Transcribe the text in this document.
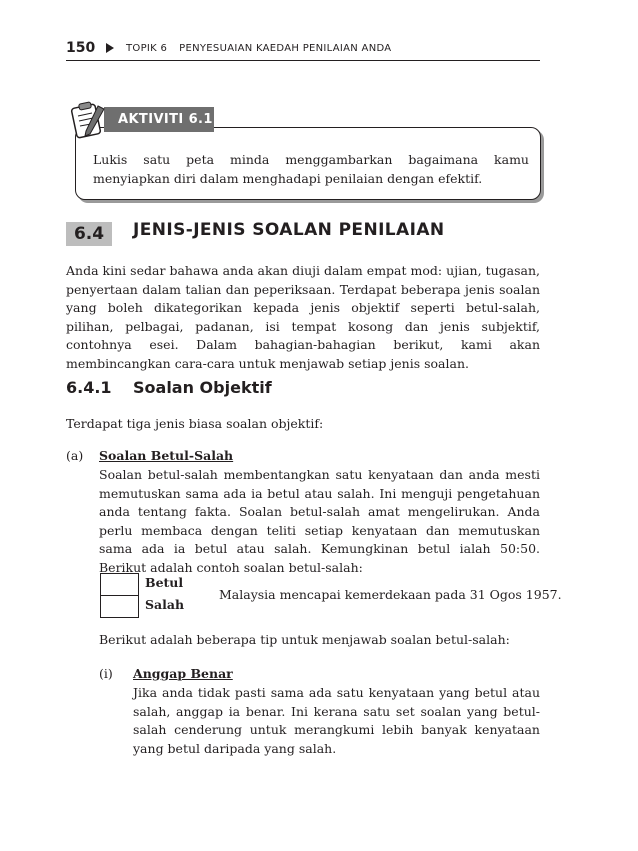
150	TOPIK 6 PENYESUAIAN KAEDAH PENILAIAN ANDA
AKTIVITI 6.1
Lukis satu peta minda menggambarkan bagaimana kamu menyiapkan diri dalam menghadapi penilaian dengan efektif.
6.4	JENIS-JENIS SOALAN PENILAIAN
Anda kini sedar bahawa anda akan diuji dalam empat mod: ujian, tugasan, penyertaan dalam talian dan peperiksaan. Terdapat beberapa jenis soalan yang boleh dikategorikan kepada jenis objektif seperti betul-salah, pilihan, pelbagai, padanan, isi tempat kosong dan jenis subjektif, contohnya esei. Dalam bahagian-bahagian berikut, kami akan membincangkan cara-cara untuk menjawab setiap jenis soalan.
6.4.1 Soalan Objektif
Terdapat tiga jenis biasa soalan objektif:
(a) Soalan Betul-Salah
Soalan betul-salah membentangkan satu kenyataan dan anda mesti memutuskan sama ada ia betul atau salah. Ini menguji pengetahuan anda tentang fakta. Soalan betul-salah amat mengelirukan. Anda perlu membaca dengan teliti setiap kenyataan dan memutuskan sama ada ia betul atau salah. Kemungkinan betul ialah 50:50. Berikut adalah contoh soalan betul-salah:
Betul
Salah
Malaysia mencapai kemerdekaan pada 31 Ogos 1957.
Berikut adalah beberapa tip untuk menjawab soalan betul-salah:
(i) Anggap Benar
Jika anda tidak pasti sama ada satu kenyataan yang betul atau salah, anggap ia benar. Ini kerana satu set soalan yang betul-salah cenderung untuk merangkumi lebih banyak kenyataan yang betul daripada yang salah.
